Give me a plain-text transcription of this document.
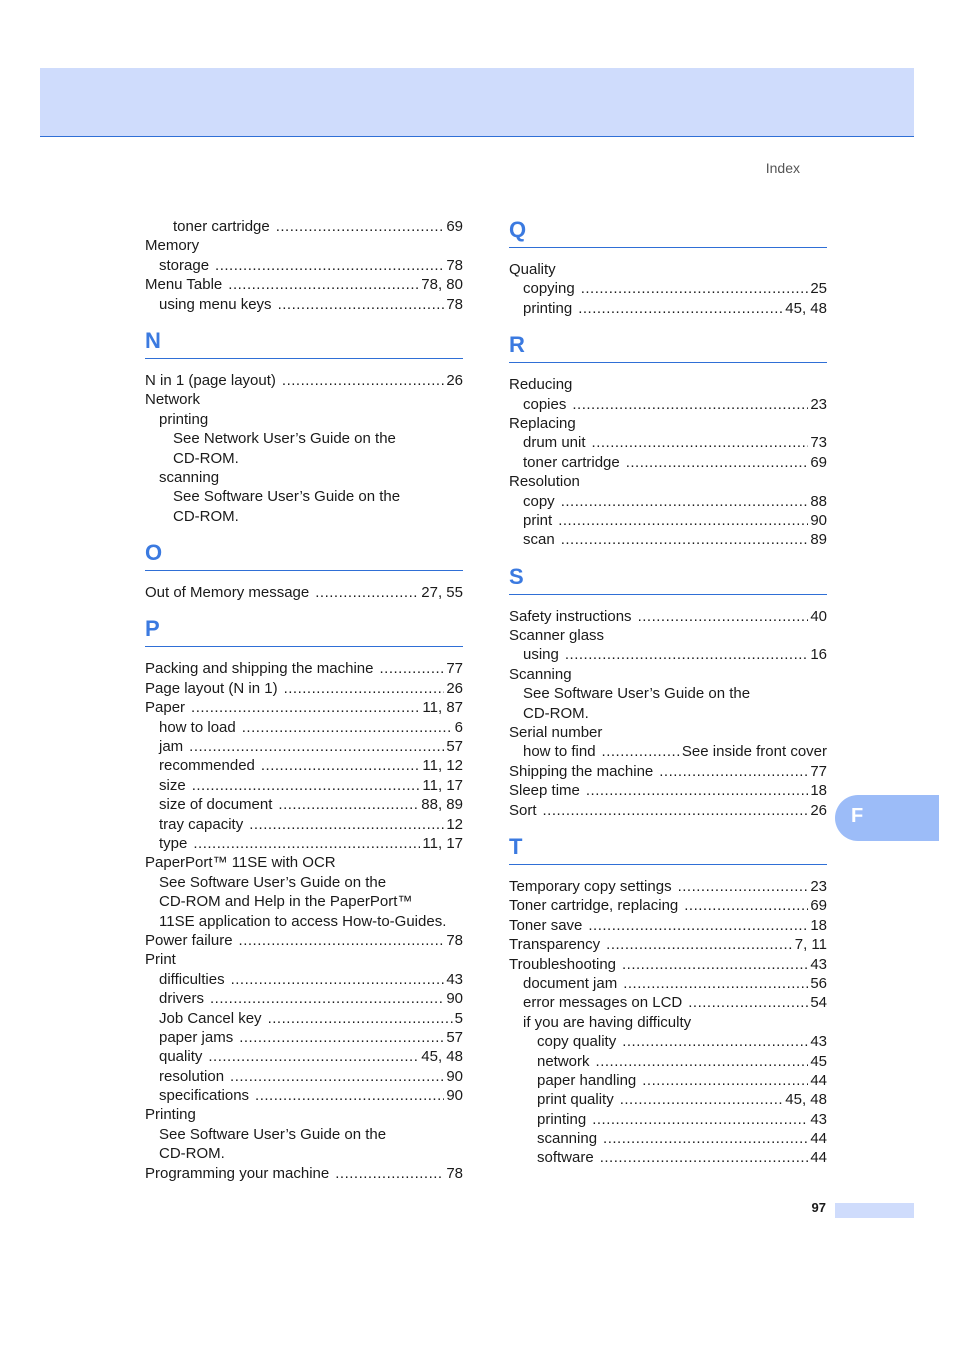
Index
toner cartridge .....	69
Memory
storage .....	78
Menu Table .....	78, 80
using menu keys .....	78
N
N in 1 (page layout) .....	26
Network
printing
See Network User’s Guide on the
CD-ROM.
scanning
See Software User’s Guide on the
CD-ROM.
O
Out of Memory message .....	27, 55
P
Packing and shipping the machine .....	77
Page layout (N in 1) .....	26
Paper .....	11, 87
how to load .....	6
jam .....	57
recommended .....	11, 12
size .....	11, 17
size of document .....	88, 89
tray capacity .....	12
type .....	11, 17
PaperPort™ 11SE with OCR
See Software User’s Guide on the
CD-ROM and Help in the PaperPort™
11SE application to access How-to-Guides.
Power failure .....	78
Print
difficulties .....	43
drivers .....	90
Job Cancel key .....	5
paper jams .....	57
quality .....	45, 48
resolution .....	90
specifications .....	90
Printing
See Software User’s Guide on the
CD-ROM.
Programming your machine .....	78
Q
Quality
copying .....	25
printing .....	45, 48
R
Reducing
copies .....	23
Replacing
drum unit .....	73
toner cartridge .....	69
Resolution
copy .....	88
print .....	90
scan .....	89
S
Safety instructions .....	40
Scanner glass
using .....	16
Scanning
See Software User’s Guide on the
CD-ROM.
Serial number
how to find .....	See inside front cover
Shipping the machine .....	77
Sleep time .....	18
Sort .....	26
T
Temporary copy settings .....	23
Toner cartridge, replacing .....	69
Toner save .....	18
Transparency .....	7, 11
Troubleshooting .....	43
document jam .....	56
error messages on LCD .....	54
if you are having difficulty
copy quality .....	43
network .....	45
paper handling .....	44
print quality .....	45, 48
printing .....	43
scanning .....	44
software .....	44
F
97
